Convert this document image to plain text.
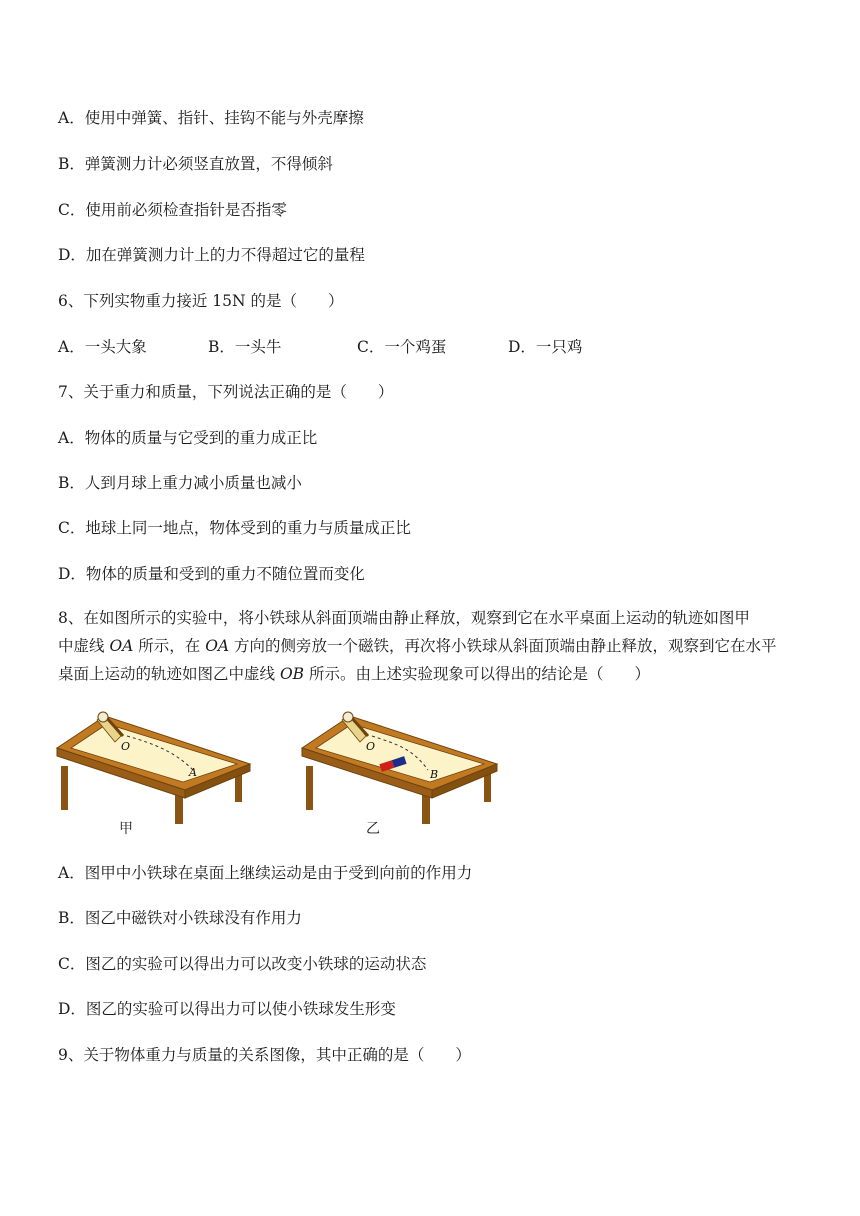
A．使用中弹簧、指针、挂钩不能与外壳摩擦
B．弹簧测力计必须竖直放置，不得倾斜
C．使用前必须检查指针是否指零
D．加在弹簧测力计上的力不得超过它的量程
6、下列实物重力接近 15N 的是（　　）
A．一头大象	B．一头牛	C．一个鸡蛋	D．一只鸡
7、关于重力和质量，下列说法正确的是（　　）
A．物体的质量与它受到的重力成正比
B．人到月球上重力减小质量也减小
C．地球上同一地点，物体受到的重力与质量成正比
D．物体的质量和受到的重力不随位置而变化
8、在如图所示的实验中，将小铁球从斜面顶端由静止释放，观察到它在水平桌面上运动的轨迹如图甲
中虚线 OA 所示，在 OA 方向的侧旁放一个磁铁，再次将小铁球从斜面顶端由静止释放，观察到它在水平
桌面上运动的轨迹如图乙中虚线 OB 所示。由上述实验现象可以得出的结论是（　　）
O
A
甲
O
B
乙
A．图甲中小铁球在桌面上继续运动是由于受到向前的作用力
B．图乙中磁铁对小铁球没有作用力
C．图乙的实验可以得出力可以改变小铁球的运动状态
D．图乙的实验可以得出力可以使小铁球发生形变
9、关于物体重力与质量的关系图像，其中正确的是（　　）
